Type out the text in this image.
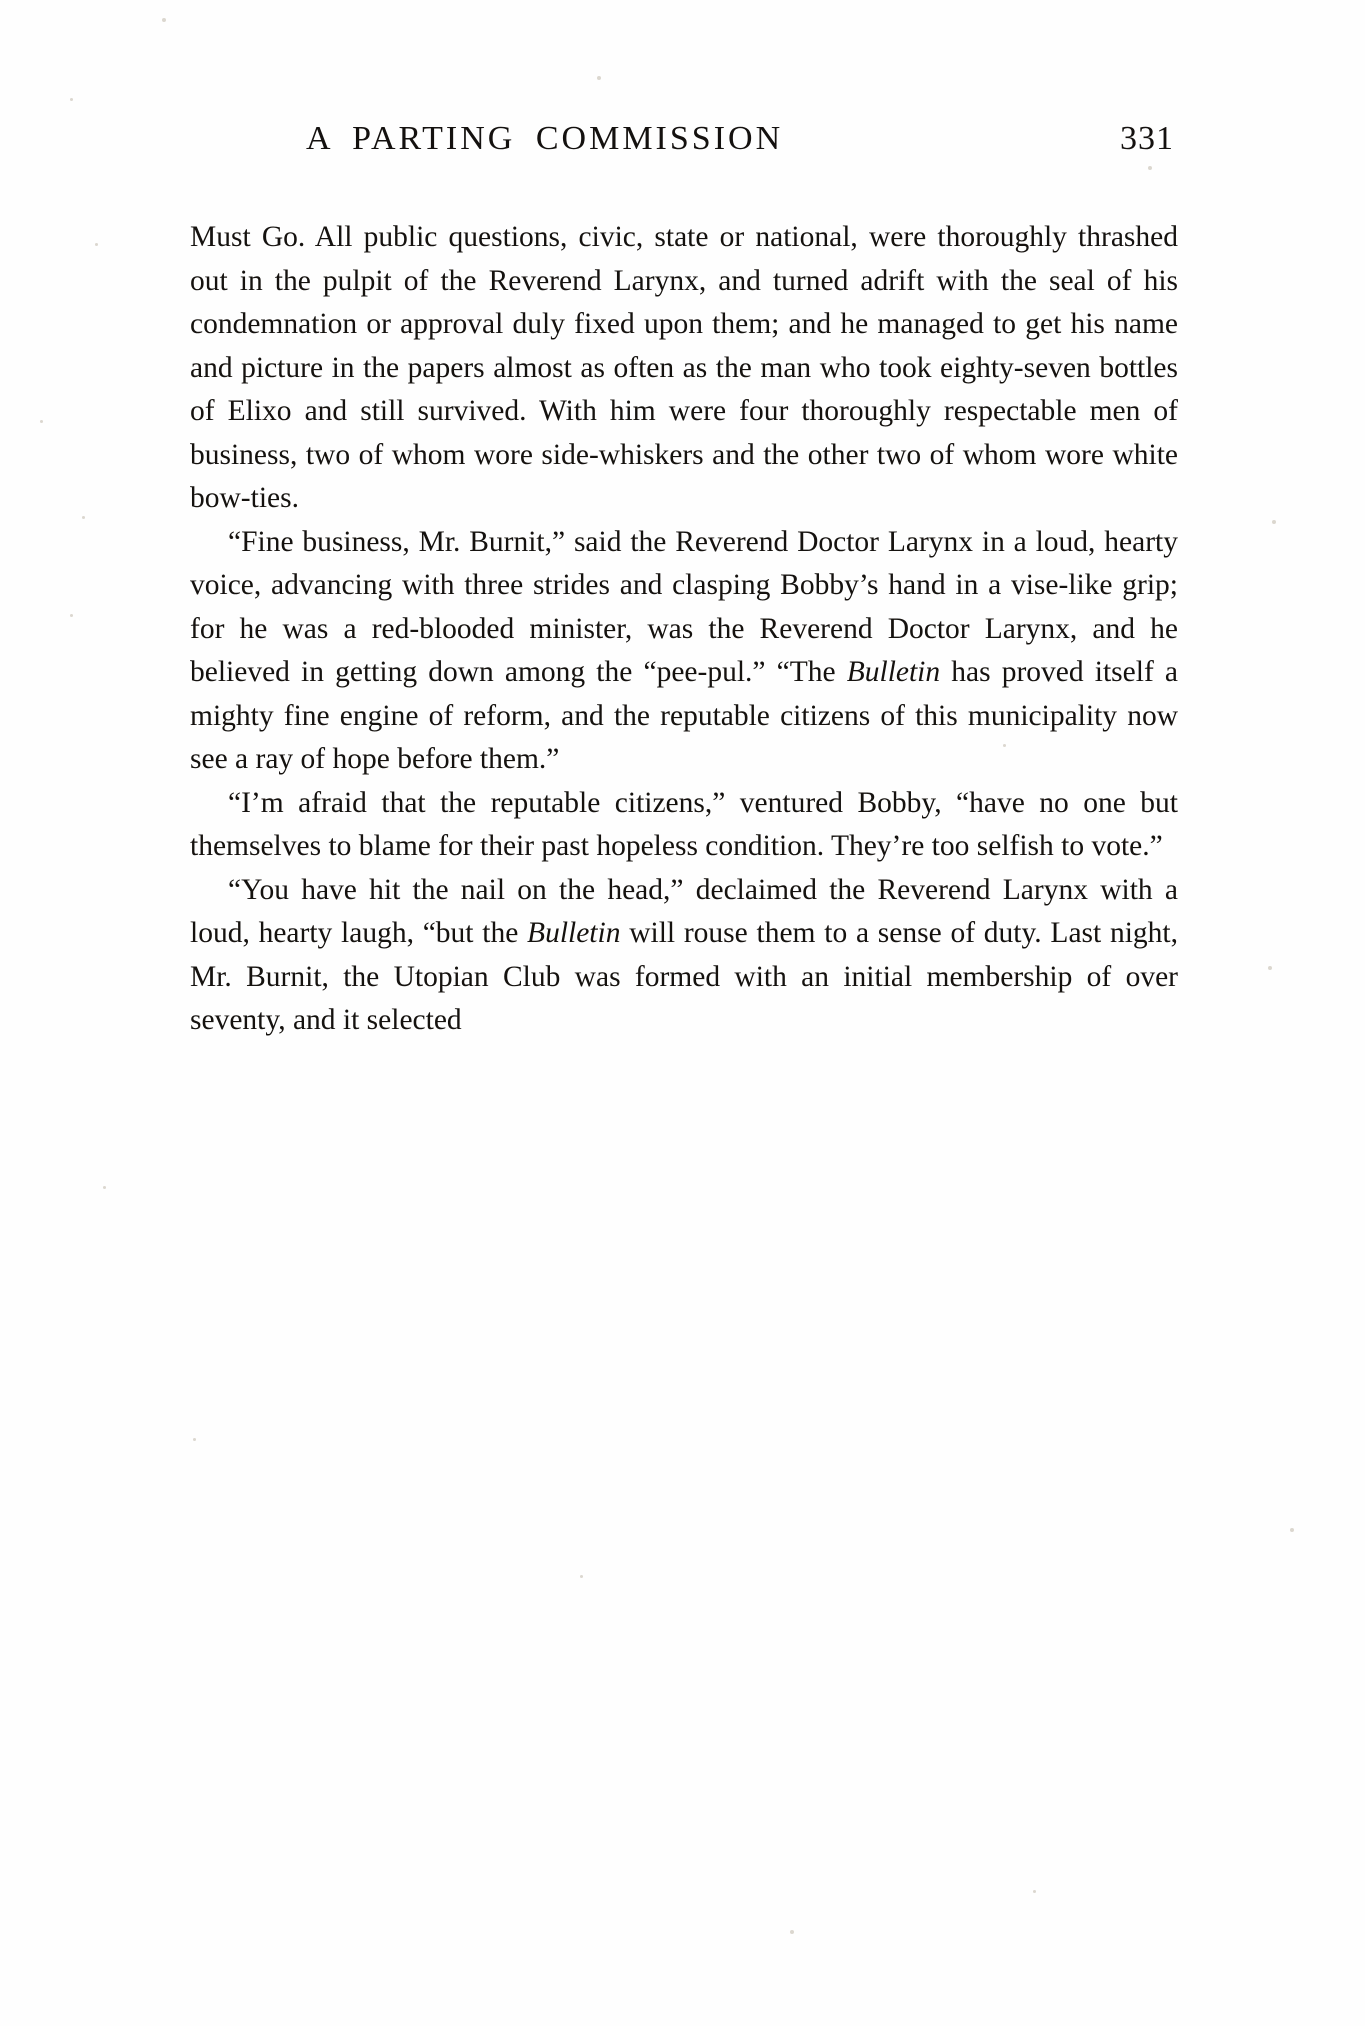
A PARTING COMMISSION	331

Must Go. All public questions, civic, state or national, were thoroughly thrashed out in the pulpit of the Reverend Larynx, and turned adrift with the seal of his condemnation or approval duly fixed upon them; and he managed to get his name and picture in the papers almost as often as the man who took eighty-seven bottles of Elixo and still survived. With him were four thoroughly respectable men of business, two of whom wore side-whiskers and the other two of whom wore white bow-ties.

“Fine business, Mr. Burnit,” said the Reverend Doctor Larynx in a loud, hearty voice, advancing with three strides and clasping Bobby’s hand in a vise-like grip; for he was a red-blooded minister, was the Reverend Doctor Larynx, and he believed in getting down among the “pee-pul.” “The Bulletin has proved itself a mighty fine engine of reform, and the reputable citizens of this municipality now see a ray of hope before them.”

“I’m afraid that the reputable citizens,” ventured Bobby, “have no one but themselves to blame for their past hopeless condition. They’re too selfish to vote.”

“You have hit the nail on the head,” declaimed the Reverend Larynx with a loud, hearty laugh, “but the Bulletin will rouse them to a sense of duty. Last night, Mr. Burnit, the Utopian Club was formed with an initial membership of over seventy, and it selected
